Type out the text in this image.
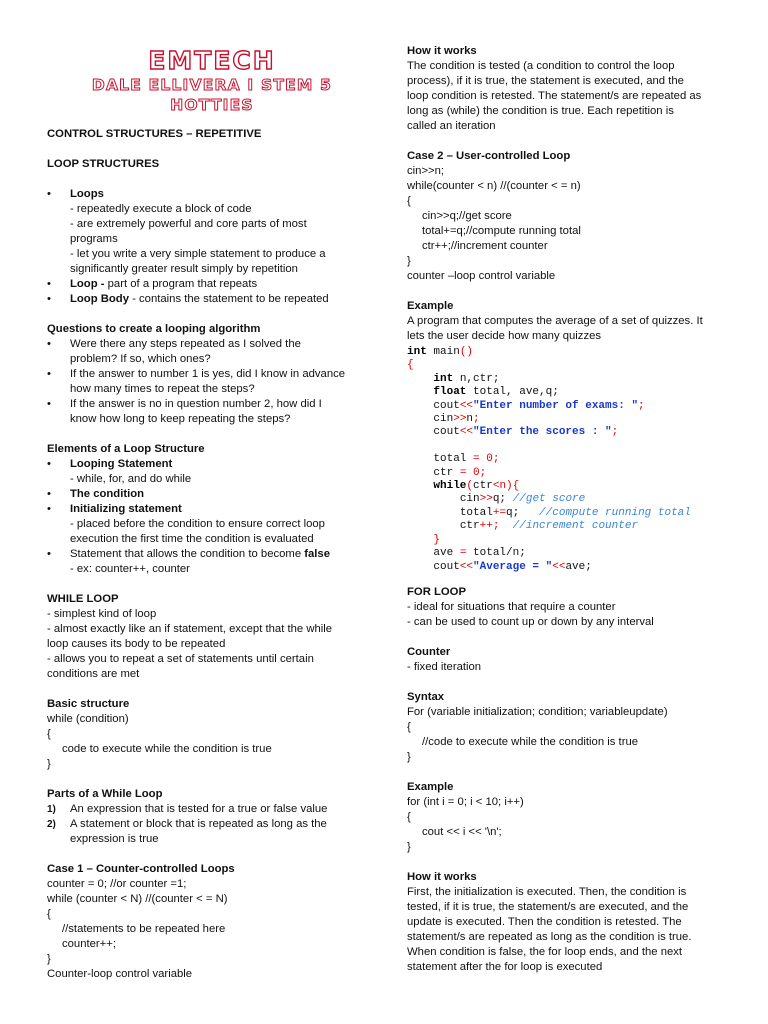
EMTECH
DALE ELLIVERA I STEM 5 HOTTIES
CONTROL STRUCTURES – REPETITIVE
LOOP STRUCTURES
•	Loops
- repeatedly execute a block of code
- are extremely powerful and core parts of most
programs
- let you write a very simple statement to produce a
significantly greater result simply by repetition
•	Loop - part of a program that repeats
•	Loop Body - contains the statement to be repeated
Questions to create a looping algorithm
•	Were there any steps repeated as I solved the
problem? If so, which ones?
•	If the answer to number 1 is yes, did I know in advance
how many times to repeat the steps?
•	If the answer is no in question number 2, how did I
know how long to keep repeating the steps?
Elements of a Loop Structure
•	Looping Statement
- while, for, and do while
•	The condition
•	Initializing statement
- placed before the condition to ensure correct loop
execution the first time the condition is evaluated
•	Statement that allows the condition to become false
- ex: counter++, counter
WHILE LOOP
- simplest kind of loop
- almost exactly like an if statement, except that the while
loop causes its body to be repeated
- allows you to repeat a set of statements until certain
conditions are met
Basic structure
while (condition)
{
code to execute while the condition is true
}
Parts of a While Loop
1) An expression that is tested for a true or false value
2) A statement or block that is repeated as long as the
expression is true
Case 1 – Counter-controlled Loops
counter = 0; //or counter =1;
while (counter < N) //(counter < = N)
{
//statements to be repeated here
counter++;
}
Counter-loop control variable
How it works
The condition is tested (a condition to control the loop
process), if it is true, the statement is executed, and the
loop condition is retested. The statement/s are repeated as
long as (while) the condition is true. Each repetition is
called an iteration
Case 2 – User-controlled Loop
cin>>n;
while(counter < n) //(counter < = n)
{
cin>>q;//get score
total+=q;//compute running total
ctr++;//increment counter
}
counter –loop control variable
Example
A program that computes the average of a set of quizzes. It
lets the user decide how many quizzes
int main()
{
int n,ctr;
float total, ave,q;
cout<<"Enter number of exams: ";
cin>>n;
cout<<"Enter the scores : ";

total = 0;
ctr = 0;
while(ctr<n){
cin>>q; //get score
total+=q; //compute running total
ctr++; //increment counter
}
ave = total/n;
cout<<"Average = "<<ave;
FOR LOOP
- ideal for situations that require a counter
- can be used to count up or down by any interval
Counter
- fixed iteration
Syntax
For (variable initialization; condition; variableupdate)
{
//code to execute while the condition is true
}
Example
for (int i = 0; i < 10; i++)
{
cout << i << '\n';
}
How it works
First, the initialization is executed. Then, the condition is
tested, if it is true, the statement/s are executed, and the
update is executed. Then the condition is retested. The
statement/s are repeated as long as the condition is true.
When condition is false, the for loop ends, and the next
statement after the for loop is executed
